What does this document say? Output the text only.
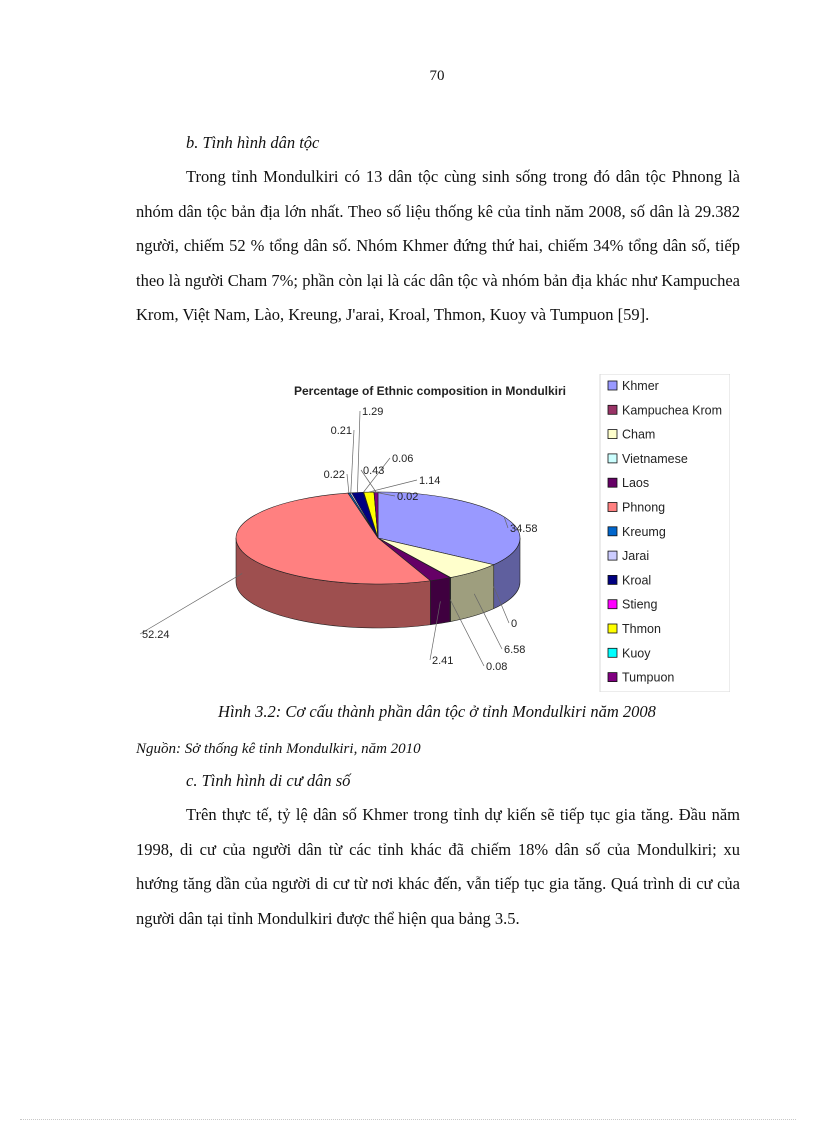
70
b. Tình hình dân tộc

Trong tỉnh Mondulkiri có 13 dân tộc cùng sinh sống trong đó dân tộc Phnong là nhóm dân tộc bản địa lớn nhất. Theo số liệu thống kê của tỉnh năm 2008, số dân là 29.382 người, chiếm 52 % tổng dân số. Nhóm Khmer đứng thứ hai, chiếm 34% tổng dân số, tiếp theo là người Cham 7%; phần còn lại là các dân tộc và nhóm bản địa khác như Kampuchea Krom, Việt Nam, Lào, Kreung, J'arai, Kroal, Thmon, Kuoy và Tumpuon [59].

Percentage of Ethnic composition in Mondulkiri
34.58
0
6.58
0.08
2.41
52.24
0.22
0.21
1.29
0.06
1.14
0.02
0.43
Khmer
Kampuchea Krom
Cham
Vietnamese
Laos
Phnong
Kreumg
Jarai
Kroal
Stieng
Thmon
Kuoy
Tumpuon
Hình 3.2: Cơ cấu thành phần dân tộc ở tỉnh Mondulkiri năm 2008
Nguồn: Sở thống kê tỉnh Mondulkiri, năm 2010
c. Tình hình di cư dân số

Trên thực tế, tỷ lệ dân số Khmer trong tỉnh dự kiến sẽ tiếp tục gia tăng. Đầu năm 1998, di cư của người dân từ các tỉnh khác đã chiếm 18% dân số của Mondulkiri; xu hướng tăng dần của người di cư từ nơi khác đến, vẫn tiếp tục gia tăng. Quá trình di cư của người dân tại tỉnh Mondulkiri được thể hiện qua bảng 3.5.
